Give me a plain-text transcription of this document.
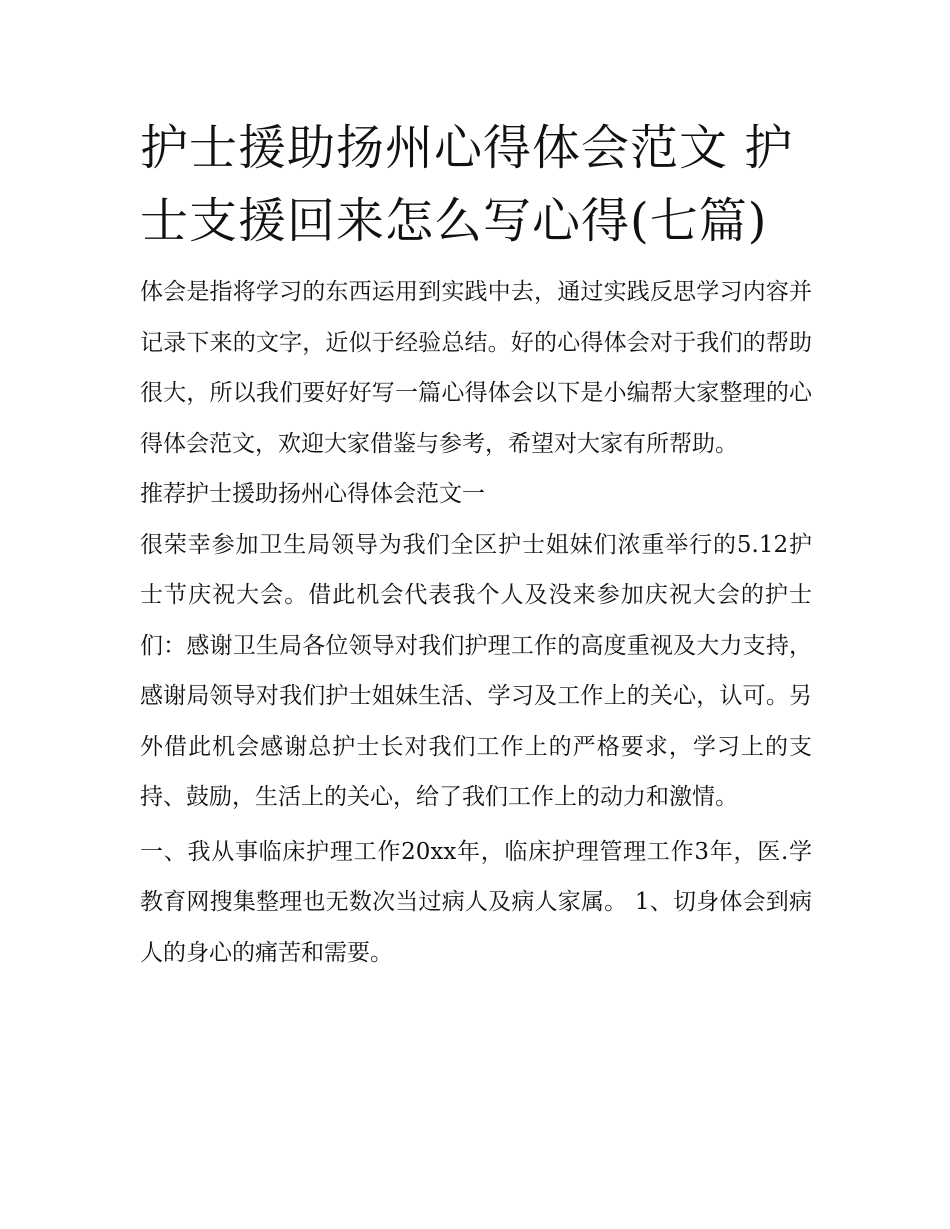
护士援助扬州心得体会范文 护士支援回来怎么写心得(七篇)

体会是指将学习的东西运用到实践中去，通过实践反思学习内容并记录下来的文字，近似于经验总结。好的心得体会对于我们的帮助很大，所以我们要好好写一篇心得体会以下是小编帮大家整理的心得体会范文，欢迎大家借鉴与参考，希望对大家有所帮助。

推荐护士援助扬州心得体会范文一

很荣幸参加卫生局领导为我们全区护士姐妹们浓重举行的5.12护士节庆祝大会。借此机会代表我个人及没来参加庆祝大会的护士们：感谢卫生局各位领导对我们护理工作的高度重视及大力支持，感谢局领导对我们护士姐妹生活、学习及工作上的关心，认可。另外借此机会感谢总护士长对我们工作上的严格要求，学习上的支持、鼓励，生活上的关心，给了我们工作上的动力和激情。

一、我从事临床护理工作20xx年，临床护理管理工作3年，医.学教育网搜集整理也无数次当过病人及病人家属。 1、切身体会到病人的身心的痛苦和需要。
